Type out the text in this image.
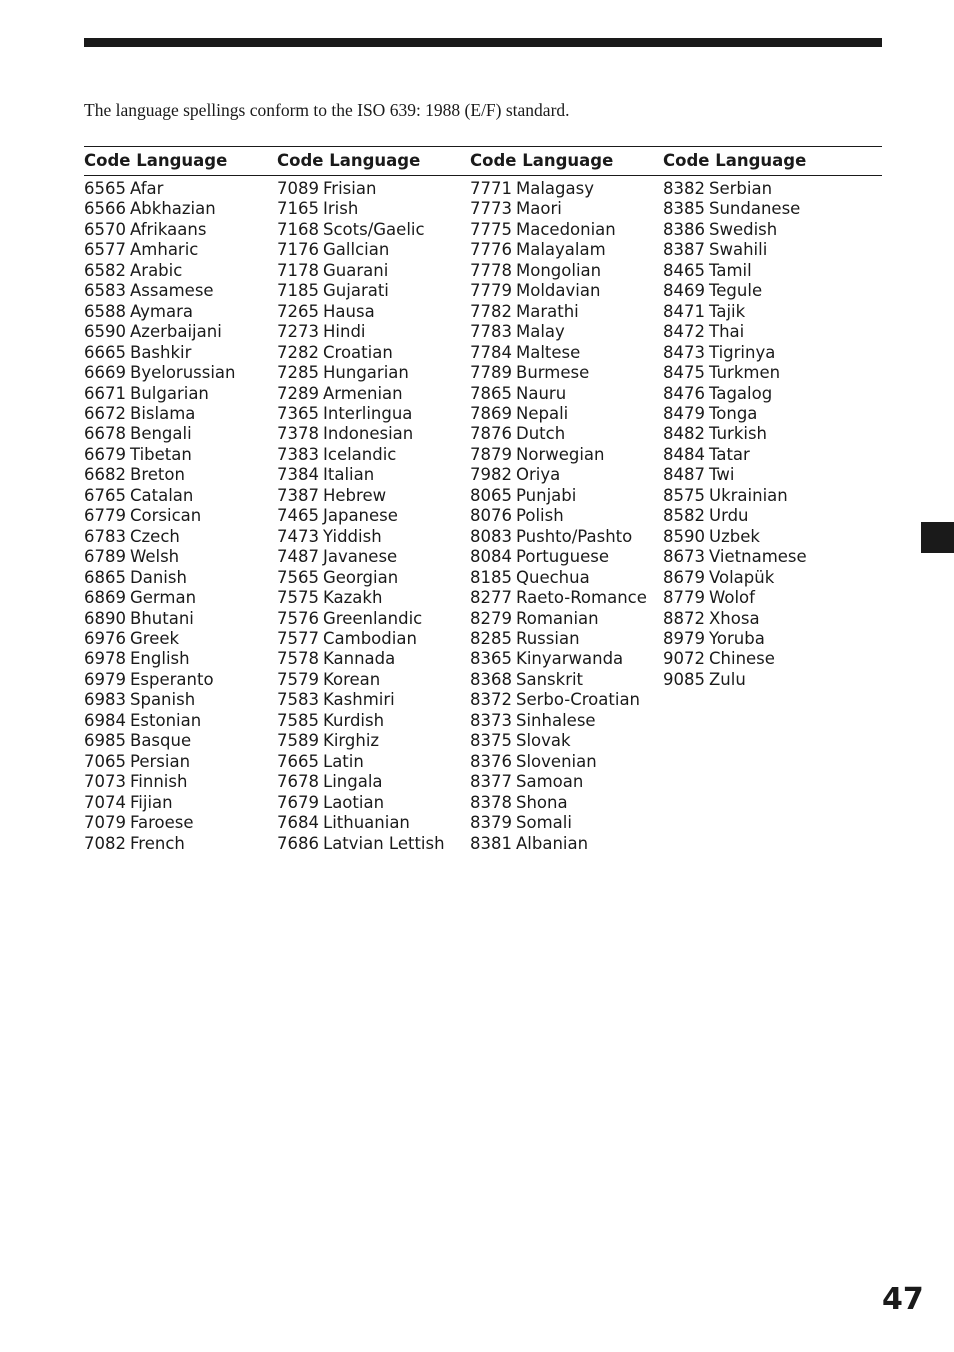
The language spellings conform to the ISO 639: 1988 (E/F) standard.
Code Language
6565 Afar
6566 Abkhazian
6570 Afrikaans
6577 Amharic
6582 Arabic
6583 Assamese
6588 Aymara
6590 Azerbaijani
6665 Bashkir
6669 Byelorussian
6671 Bulgarian
6672 Bislama
6678 Bengali
6679 Tibetan
6682 Breton
6765 Catalan
6779 Corsican
6783 Czech
6789 Welsh
6865 Danish
6869 German
6890 Bhutani
6976 Greek
6978 English
6979 Esperanto
6983 Spanish
6984 Estonian
6985 Basque
7065 Persian
7073 Finnish
7074 Fijian
7079 Faroese
7082 French
Code Language
7089 Frisian
7165 Irish
7168 Scots/Gaelic
7176 Gallcian
7178 Guarani
7185 Gujarati
7265 Hausa
7273 Hindi
7282 Croatian
7285 Hungarian
7289 Armenian
7365 Interlingua
7378 Indonesian
7383 Icelandic
7384 Italian
7387 Hebrew
7465 Japanese
7473 Yiddish
7487 Javanese
7565 Georgian
7575 Kazakh
7576 Greenlandic
7577 Cambodian
7578 Kannada
7579 Korean
7583 Kashmiri
7585 Kurdish
7589 Kirghiz
7665 Latin
7678 Lingala
7679 Laotian
7684 Lithuanian
7686 Latvian Lettish
Code Language
7771 Malagasy
7773 Maori
7775 Macedonian
7776 Malayalam
7778 Mongolian
7779 Moldavian
7782 Marathi
7783 Malay
7784 Maltese
7789 Burmese
7865 Nauru
7869 Nepali
7876 Dutch
7879 Norwegian
7982 Oriya
8065 Punjabi
8076 Polish
8083 Pushto/Pashto
8084 Portuguese
8185 Quechua
8277 Raeto-Romance
8279 Romanian
8285 Russian
8365 Kinyarwanda
8368 Sanskrit
8372 Serbo-Croatian
8373 Sinhalese
8375 Slovak
8376 Slovenian
8377 Samoan
8378 Shona
8379 Somali
8381 Albanian
Code Language
8382 Serbian
8385 Sundanese
8386 Swedish
8387 Swahili
8465 Tamil
8469 Tegule
8471 Tajik
8472 Thai
8473 Tigrinya
8475 Turkmen
8476 Tagalog
8479 Tonga
8482 Turkish
8484 Tatar
8487 Twi
8575 Ukrainian
8582 Urdu
8590 Uzbek
8673 Vietnamese
8679 Volapük
8779 Wolof
8872 Xhosa
8979 Yoruba
9072 Chinese
9085 Zulu
47
